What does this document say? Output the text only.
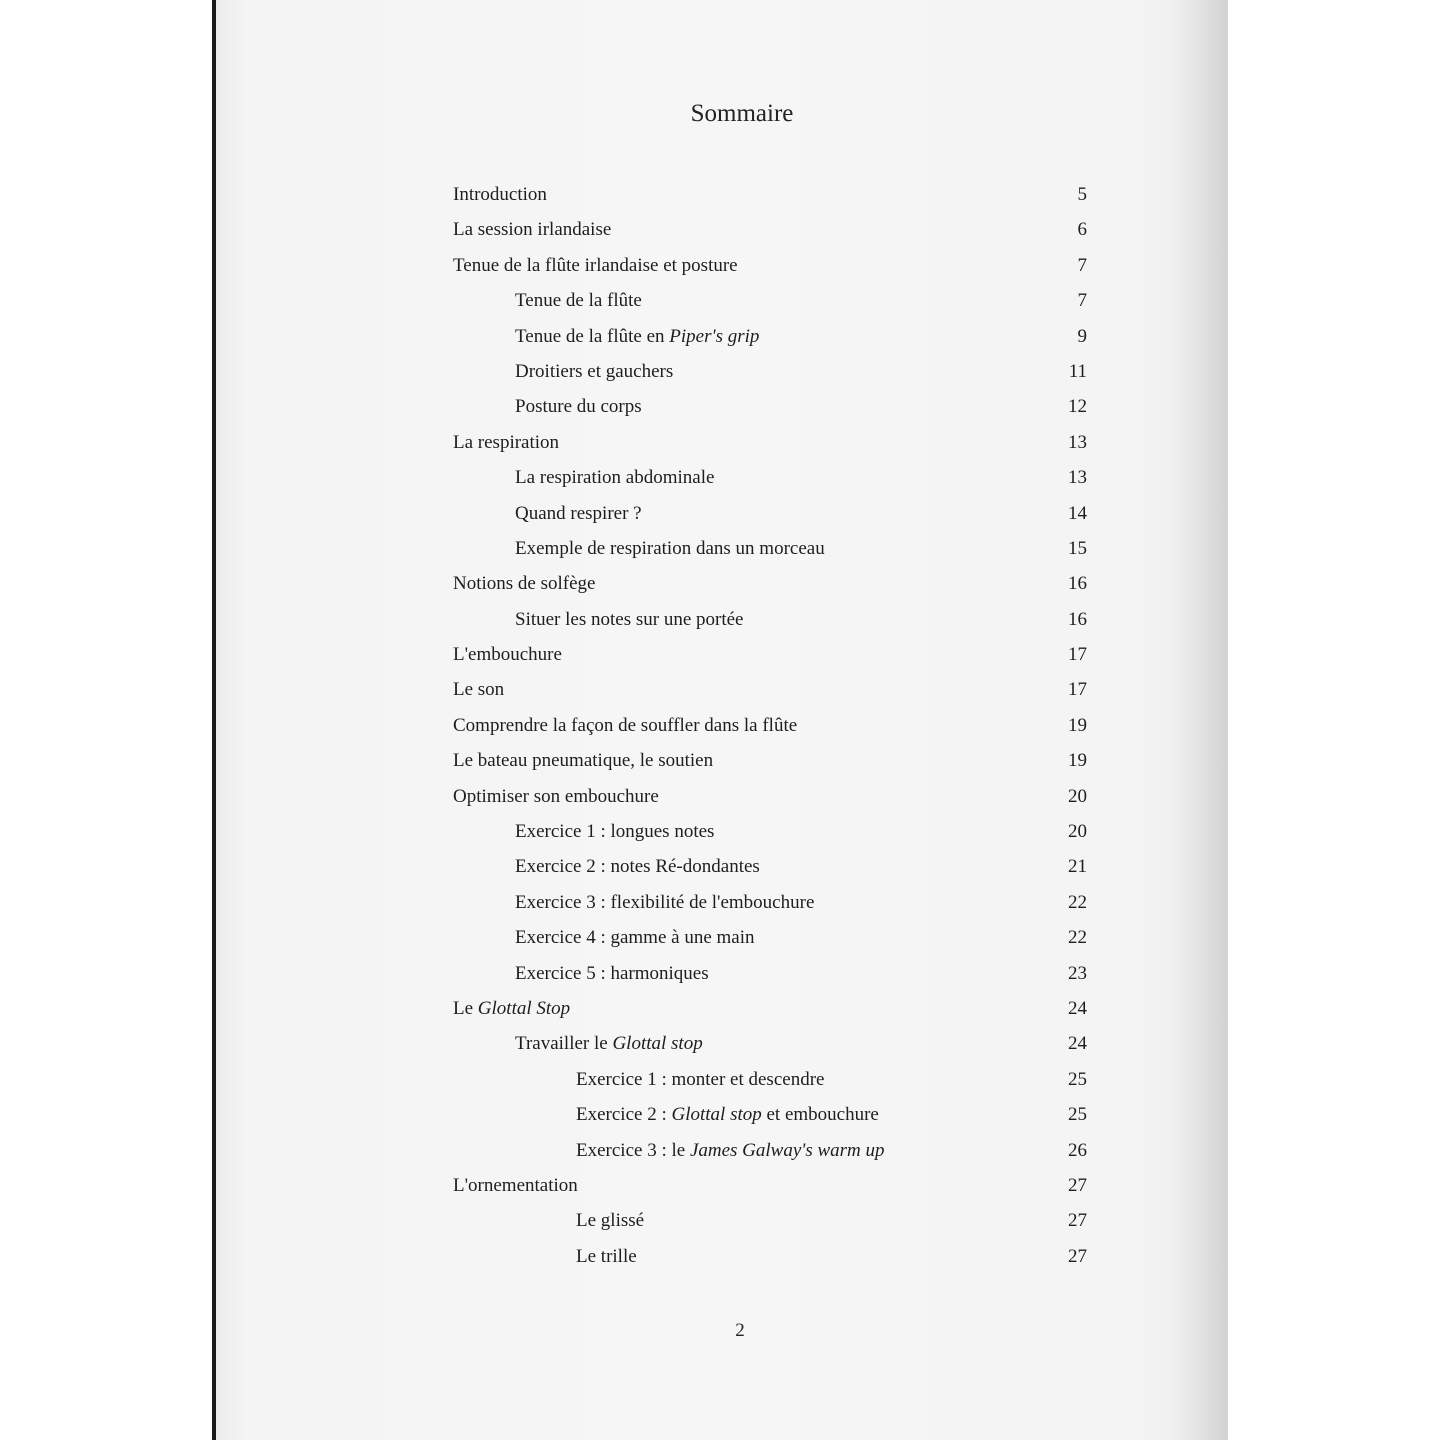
Sommaire
Introduction	5
La session irlandaise	6
Tenue de la flûte irlandaise et posture	7
Tenue de la flûte	7
Tenue de la flûte en Piper's grip	9
Droitiers et gauchers	11
Posture du corps	12
La respiration	13
La respiration abdominale	13
Quand respirer ?	14
Exemple de respiration dans un morceau	15
Notions de solfège	16
Situer les notes sur une portée	16
L'embouchure	17
Le son	17
Comprendre la façon de souffler dans la flûte	19
Le bateau pneumatique, le soutien	19
Optimiser son embouchure	20
Exercice 1 : longues notes	20
Exercice 2 : notes Ré-dondantes	21
Exercice 3 : flexibilité de l'embouchure	22
Exercice 4 : gamme à une main	22
Exercice 5 : harmoniques	23
Le Glottal Stop	24
Travailler le Glottal stop	24
Exercice 1 : monter et descendre	25
Exercice 2 : Glottal stop et embouchure	25
Exercice 3 : le James Galway's warm up	26
L'ornementation	27
Le glissé	27
Le trille	27
2
